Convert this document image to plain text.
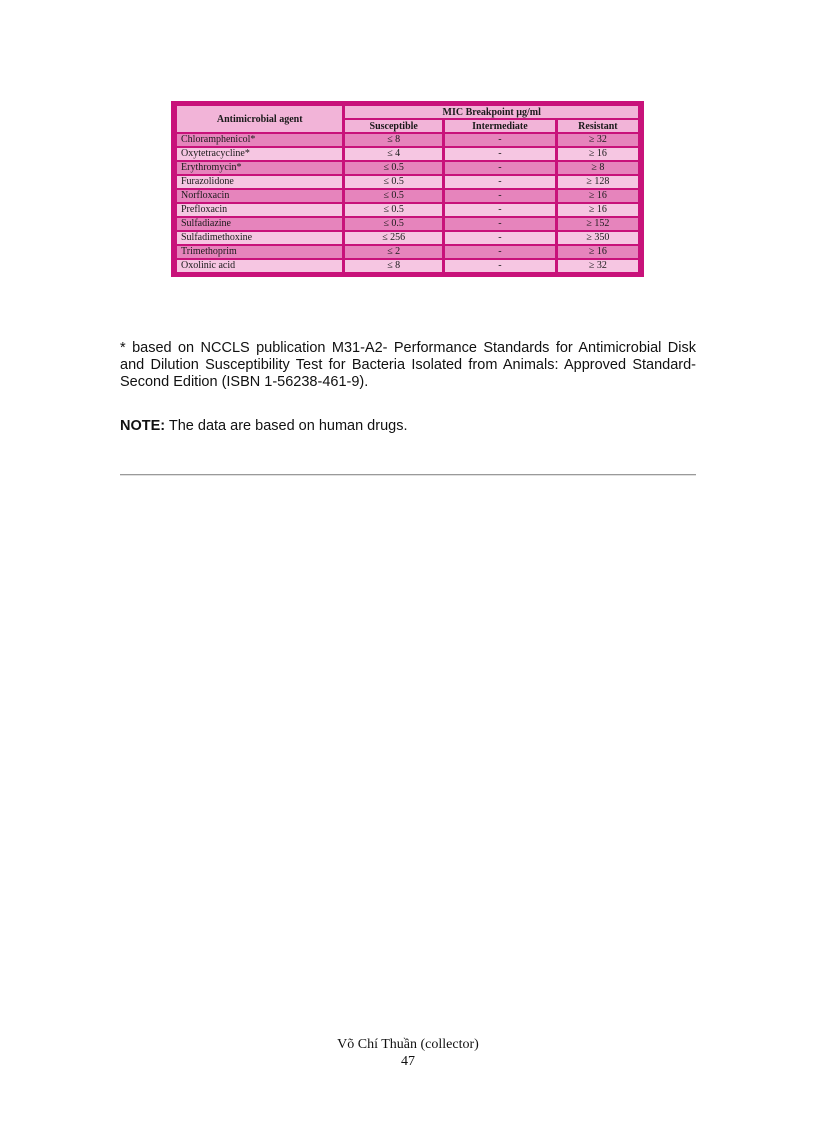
Antimicrobial agent	MIC Breakpoint µg/ml		
	Susceptible	Intermediate	Resistant
Chloramphenicol*	≤ 8	-	≥ 32
Oxytetracycline*	≤ 4	-	≥ 16
Erythromycin*	≤ 0.5	-	≥ 8
Furazolidone	≤ 0.5	-	≥ 128
Norfloxacin	≤ 0.5	-	≥ 16
Prefloxacin	≤ 0.5	-	≥ 16
Sulfadiazine	≤ 0.5	-	≥ 152
Sulfadimethoxine	≤ 256	-	≥ 350
Trimethoprim	≤ 2	-	≥ 16
Oxolinic acid	≤ 8	-	≥ 32

* based on NCCLS publication M31-A2- Performance Standards for Antimicrobial Disk and Dilution Susceptibility Test for Bacteria Isolated from Animals: Approved Standard- Second Edition (ISBN 1-56238-461-9).

NOTE: The data are based on human drugs.

Võ Chí Thuần (collector)
47
